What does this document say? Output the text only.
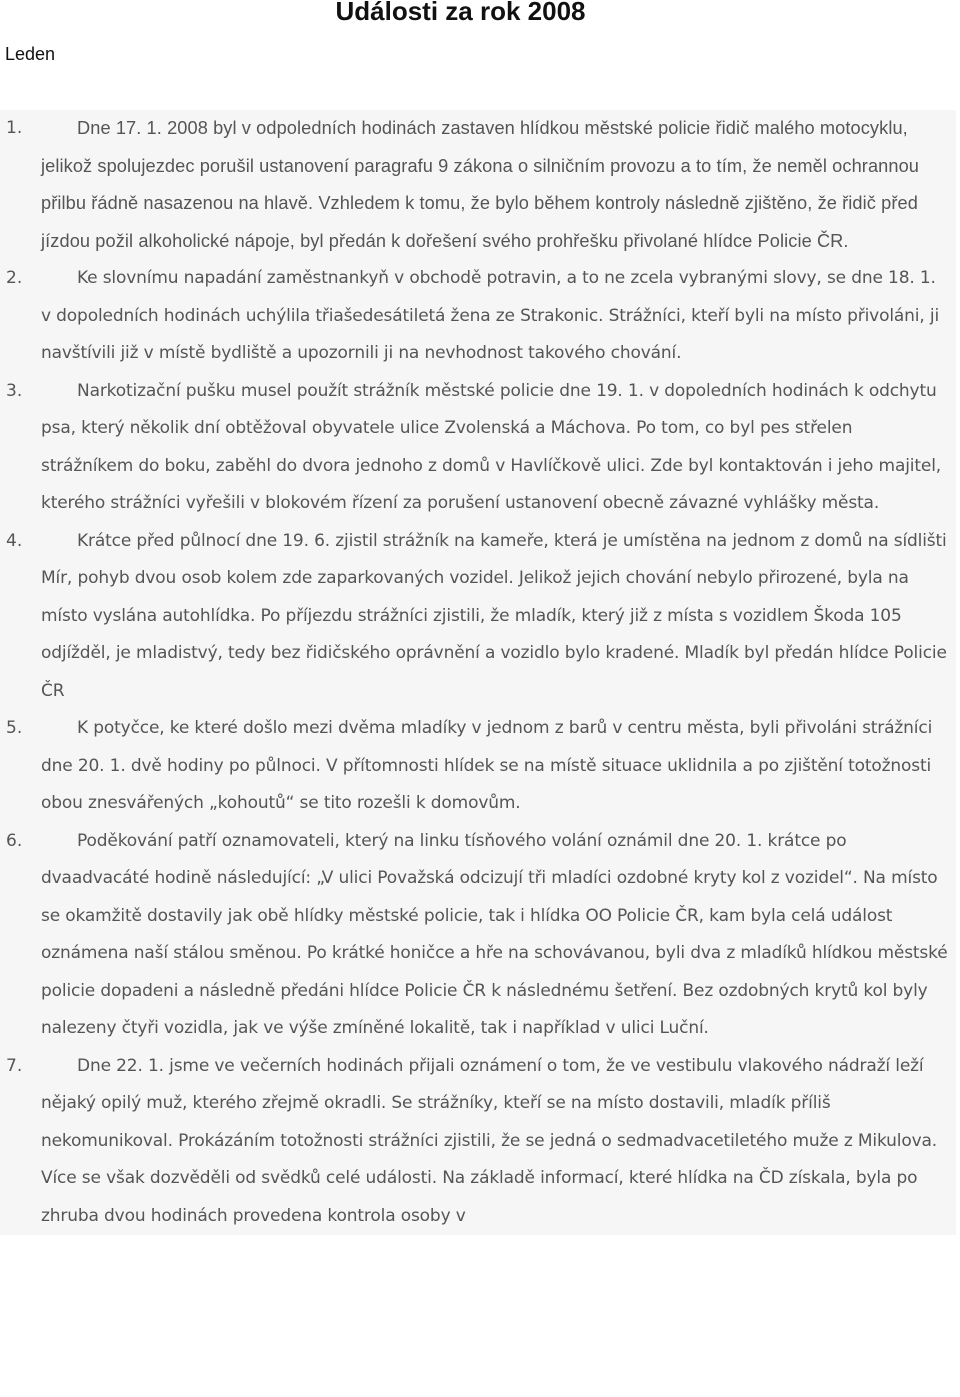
Události za rok 2008

Leden

1.	Dne 17. 1. 2008 byl v odpoledních hodinách zastaven hlídkou městské policie řidič malého motocyklu, jelikož spolujezdec porušil ustanovení paragrafu 9 zákona o silničním provozu a to tím, že neměl ochrannou přilbu řádně nasazenou na hlavě. Vzhledem k tomu, že bylo během kontroly následně zjištěno, že řidič před jízdou požil alkoholické nápoje, byl předán k dořešení svého prohřešku přivolané hlídce Policie ČR.
2.	Ke slovnímu napadání zaměstnankyň v obchodě potravin, a to ne zcela vybranými slovy, se dne 18. 1. v dopoledních hodinách uchýlila třiašedesátiletá žena ze Strakonic. Strážníci, kteří byli na místo přivoláni, ji navštívili již v místě bydliště a upozornili ji na nevhodnost takového chování.
3.	Narkotizační pušku musel použít strážník městské policie dne 19. 1. v dopoledních hodinách k odchytu psa, který několik dní obtěžoval obyvatele ulice Zvolenská a Máchova. Po tom, co byl pes střelen strážníkem do boku, zaběhl do dvora jednoho z domů v Havlíčkově ulici. Zde byl kontaktován i jeho majitel, kterého strážníci vyřešili v blokovém řízení za porušení ustanovení obecně závazné vyhlášky města.
4.	Krátce před půlnocí dne 19. 6. zjistil strážník na kameře, která je umístěna na jednom z domů na sídlišti Mír, pohyb dvou osob kolem zde zaparkovaných vozidel. Jelikož jejich chování nebylo přirozené, byla na místo vyslána autohlídka. Po příjezdu strážníci zjistili, že mladík, který již z místa s vozidlem Škoda 105 odjížděl, je mladistvý, tedy bez řidičského oprávnění a vozidlo bylo kradené. Mladík byl předán hlídce Policie ČR
5.	K potyčce, ke které došlo mezi dvěma mladíky v jednom z barů v centru města, byli přivoláni strážníci dne 20. 1. dvě hodiny po půlnoci. V přítomnosti hlídek se na místě situace uklidnila a po zjištění totožnosti obou znesvářených „kohoutů“ se tito rozešli k domovům.
6.	Poděkování patří oznamovateli, který na linku tísňového volání oznámil dne 20. 1. krátce po dvaadvacáté hodině následující: „V ulici Považská odcizují tři mladíci ozdobné kryty kol z vozidel“. Na místo se okamžitě dostavily jak obě hlídky městské policie, tak i hlídka OO Policie ČR, kam byla celá událost oznámena naší stálou směnou. Po krátké honičce a hře na schovávanou, byli dva z mladíků hlídkou městské policie dopadeni a následně předáni hlídce Policie ČR k následnému šetření. Bez ozdobných krytů kol byly nalezeny čtyři vozidla, jak ve výše zmíněné lokalitě, tak i například v ulici Luční.
7.	Dne 22. 1. jsme ve večerních hodinách přijali oznámení o tom, že ve vestibulu vlakového nádraží leží nějaký opilý muž, kterého zřejmě okradli. Se strážníky, kteří se na místo dostavili, mladík příliš nekomunikoval. Prokázáním totožnosti strážníci zjistili, že se jedná o sedmadvacetiletého muže z Mikulova. Více se však dozvěděli od svědků celé události. Na základě informací, které hlídka na ČD získala, byla po zhruba dvou hodinách provedena kontrola osoby v
